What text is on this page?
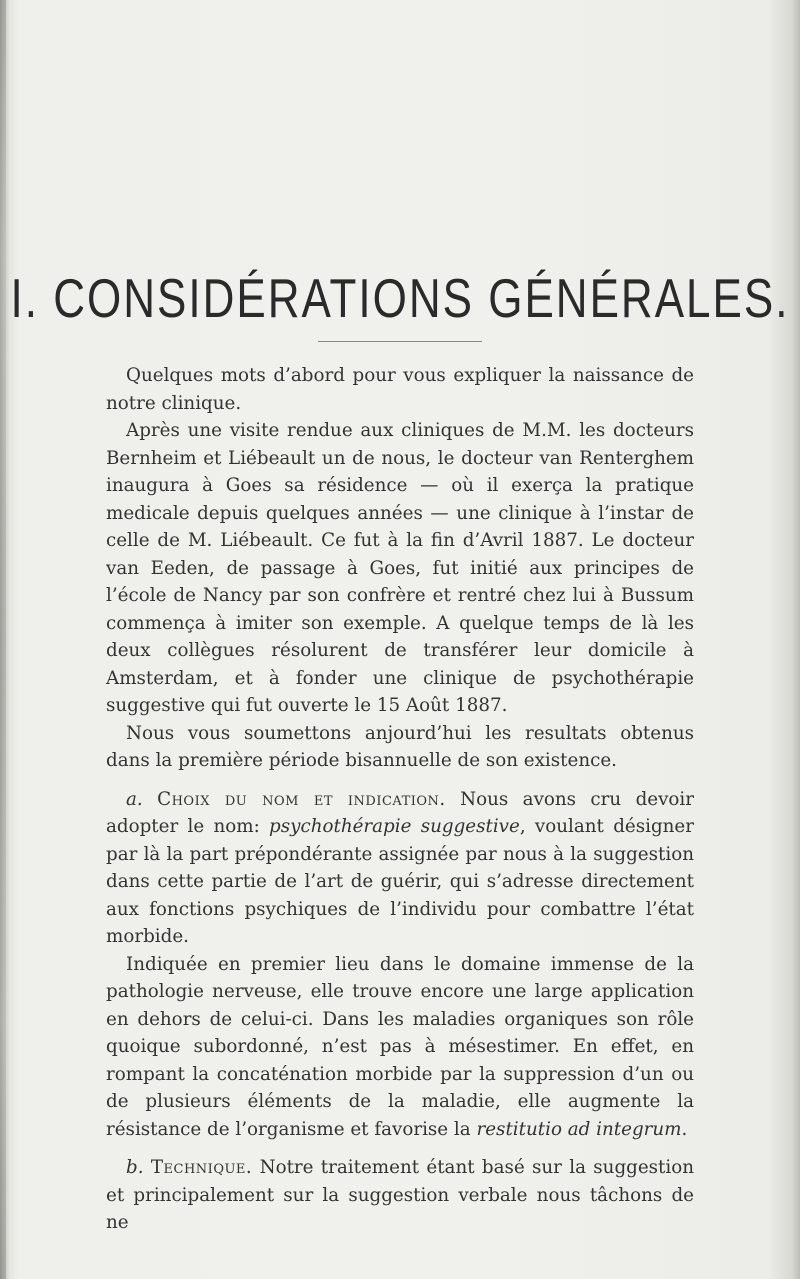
I. CONSIDÉRATIONS GÉNÉRALES.

Quelques mots d’abord pour vous expliquer la naissance de notre clinique.

Après une visite rendue aux cliniques de M.M. les docteurs Bernheim et Liébeault un de nous, le docteur van Renterghem inaugura à Goes sa résidence — où il exerça la pratique medicale depuis quelques années — une clinique à l’instar de celle de M. Liébeault. Ce fut à la fin d’Avril 1887. Le docteur van Eeden, de passage à Goes, fut initié aux principes de l’école de Nancy par son confrère et rentré chez lui à Bussum commença à imiter son exemple. A quelque temps de là les deux collègues résolurent de transférer leur domicile à Amsterdam, et à fonder une clinique de psychothérapie suggestive qui fut ouverte le 15 Août 1887.

Nous vous soumettons anjourd’hui les resultats obtenus dans la première période bisannuelle de son existence.

a. Choix du nom et indication. Nous avons cru devoir adopter le nom: psychothérapie suggestive, voulant désigner par là la part prépondérante assignée par nous à la suggestion dans cette partie de l’art de guérir, qui s’adresse directement aux fonctions psychiques de l’individu pour combattre l’état morbide.

Indiquée en premier lieu dans le domaine immense de la pathologie nerveuse, elle trouve encore une large application en dehors de celui-ci. Dans les maladies organiques son rôle quoique subordonné, n’est pas à mésestimer. En effet, en rompant la concaténation morbide par la suppression d’un ou de plusieurs éléments de la maladie, elle augmente la résistance de l’organisme et favorise la restitutio ad integrum.

b. Technique. Notre traitement étant basé sur la suggestion et principalement sur la suggestion verbale nous tâchons de ne
